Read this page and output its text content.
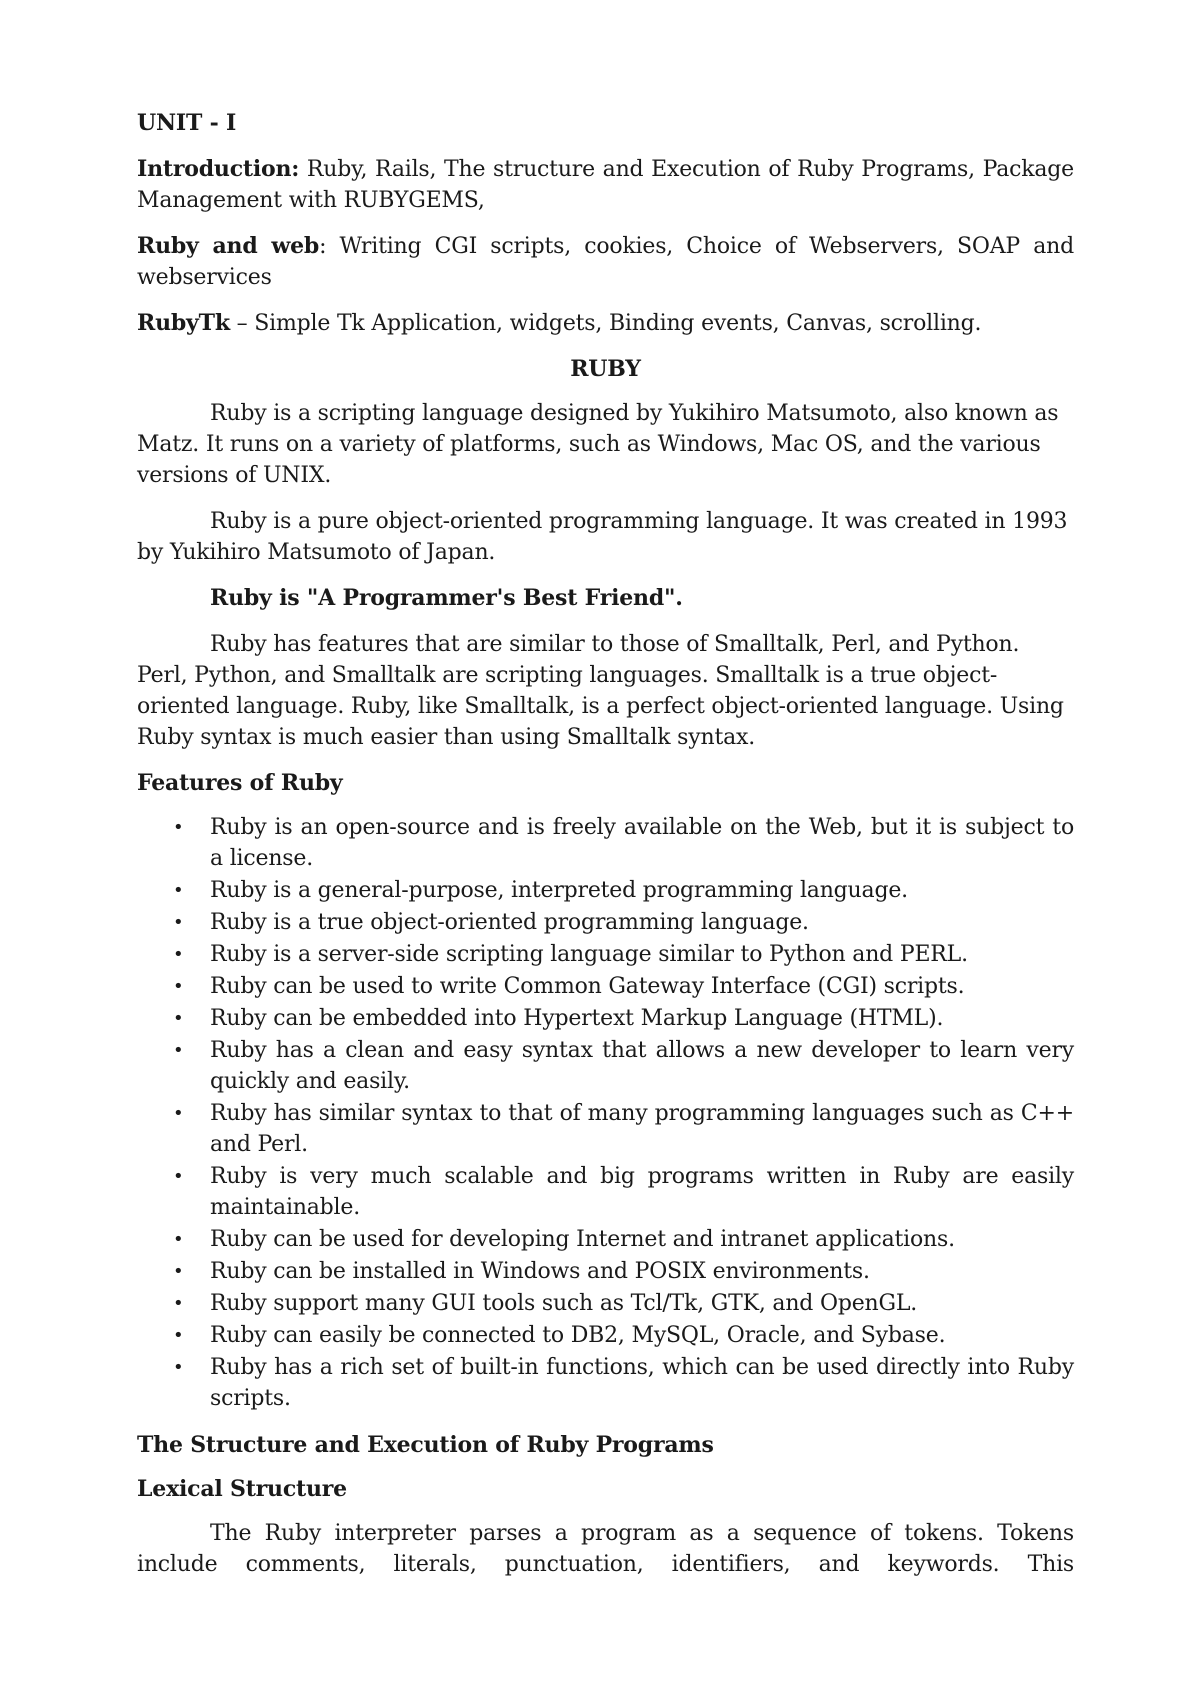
UNIT - I

Introduction: Ruby, Rails, The structure and Execution of Ruby Programs, Package Management with RUBYGEMS,

Ruby and web: Writing CGI scripts, cookies, Choice of Webservers, SOAP and webservices

RubyTk – Simple Tk Application, widgets, Binding events, Canvas, scrolling.

RUBY

Ruby is a scripting language designed by Yukihiro Matsumoto, also known as Matz. It runs on a variety of platforms, such as Windows, Mac OS, and the various versions of UNIX.

Ruby is a pure object-oriented programming language. It was created in 1993 by Yukihiro Matsumoto of Japan.

Ruby is "A Programmer's Best Friend".

Ruby has features that are similar to those of Smalltalk, Perl, and Python. Perl, Python, and Smalltalk are scripting languages. Smalltalk is a true object-oriented language. Ruby, like Smalltalk, is a perfect object-oriented language. Using Ruby syntax is much easier than using Smalltalk syntax.

Features of Ruby
• Ruby is an open-source and is freely available on the Web, but it is subject to a license.
• Ruby is a general-purpose, interpreted programming language.
• Ruby is a true object-oriented programming language.
• Ruby is a server-side scripting language similar to Python and PERL.
• Ruby can be used to write Common Gateway Interface (CGI) scripts.
• Ruby can be embedded into Hypertext Markup Language (HTML).
• Ruby has a clean and easy syntax that allows a new developer to learn very quickly and easily.
• Ruby has similar syntax to that of many programming languages such as C++ and Perl.
• Ruby is very much scalable and big programs written in Ruby are easily maintainable.
• Ruby can be used for developing Internet and intranet applications.
• Ruby can be installed in Windows and POSIX environments.
• Ruby support many GUI tools such as Tcl/Tk, GTK, and OpenGL.
• Ruby can easily be connected to DB2, MySQL, Oracle, and Sybase.
• Ruby has a rich set of built-in functions, which can be used directly into Ruby scripts.
The Structure and Execution of Ruby Programs
Lexical Structure

The Ruby interpreter parses a program as a sequence of tokens. Tokens include comments, literals, punctuation, identifiers, and keywords. This
